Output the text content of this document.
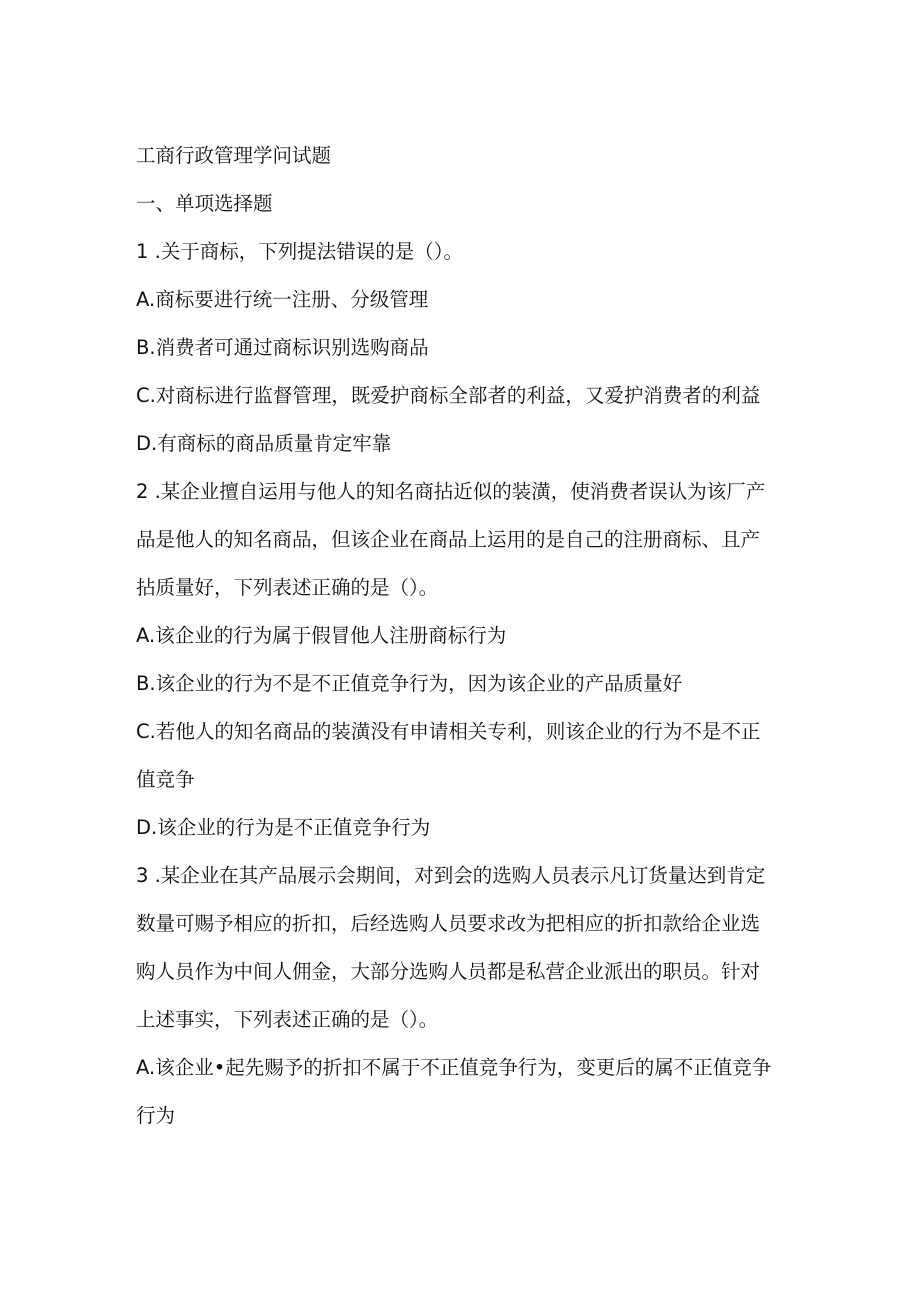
工商行政管理学问试题
一、单项选择题
1 .关于商标，下列提法错误的是（）。
A.商标要进行统一注册、分级管理
B.消费者可通过商标识别选购商品
C.对商标进行监督管理，既爱护商标全部者的利益，又爱护消费者的利益
D.有商标的商品质量肯定牢靠
2 .某企业擅自运用与他人的知名商拈近似的装潢，使消费者误认为该厂产
品是他人的知名商品，但该企业在商品上运用的是自己的注册商标、且产
拈质量好，下列表述正确的是（）。
A.该企业的行为属于假冒他人注册商标行为
B.该企业的行为不是不正值竞争行为，因为该企业的产品质量好
C.若他人的知名商品的装潢没有申请相关专利，则该企业的行为不是不正
值竞争
D.该企业的行为是不正值竞争行为
3 .某企业在其产品展示会期间，对到会的选购人员表示凡订货量达到肯定
数量可赐予相应的折扣，后经选购人员要求改为把相应的折扣款给企业选
购人员作为中间人佣金，大部分选购人员都是私营企业派出的职员。针对
上述事实，下列表述正确的是（）。
A.该企业•起先赐予的折扣不属于不正值竞争行为，变更后的属不正值竞争
行为
